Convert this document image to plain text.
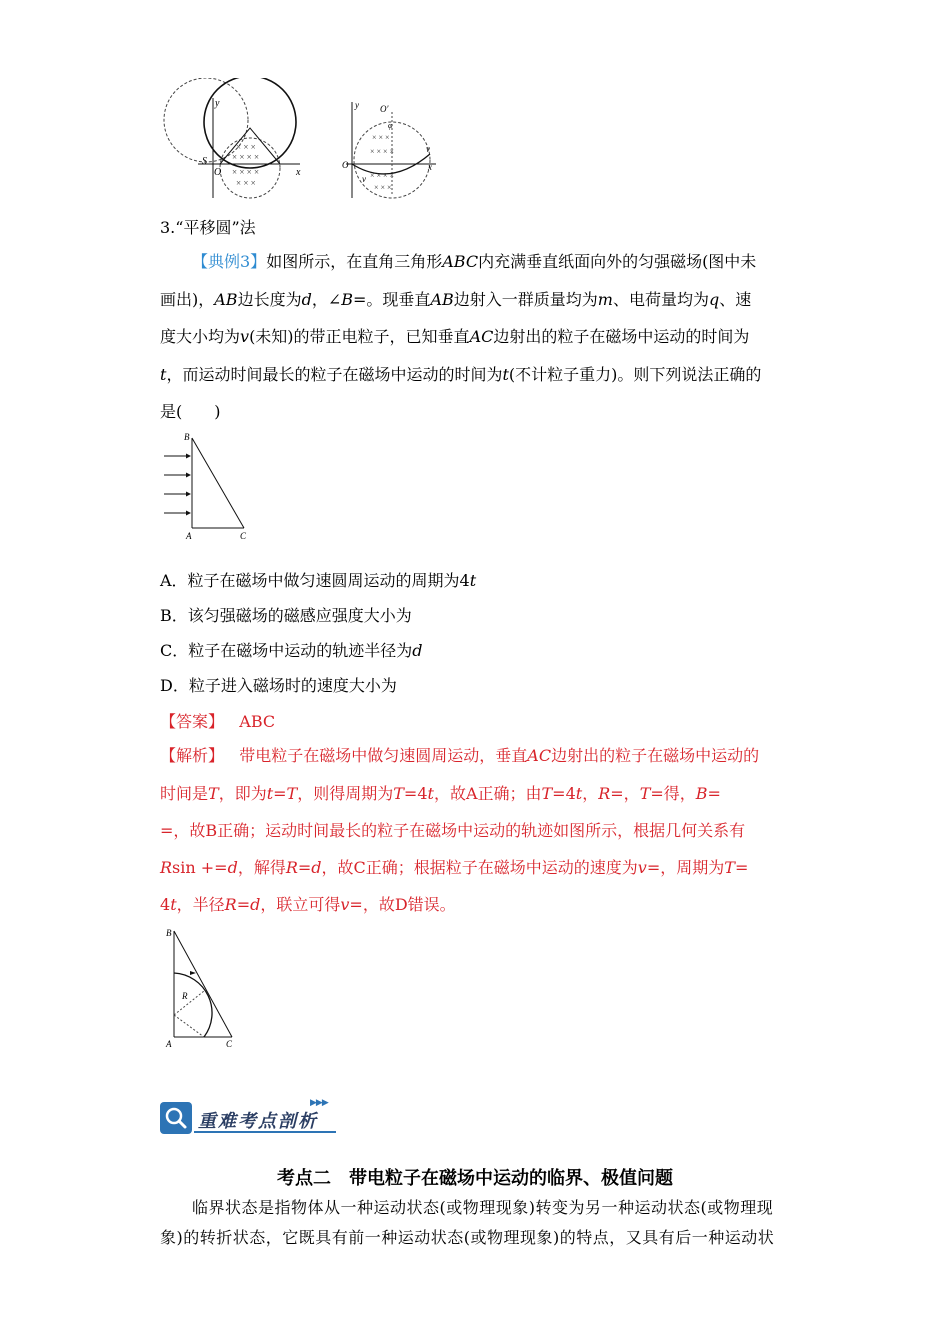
× × ×
× × × ×
× × × ×
× × ×
y
S
O	x
× × ×
× × × ×
× × × ×
× × ×
y O′
φ
O
v
v
x
3.“平移圆”法
【典例3】如图所示，在直角三角形ABC内充满垂直纸面向外的匀强磁场(图中未
画出)，AB边长度为d，∠B=。现垂直AB边射入一群质量均为m、电荷量均为q、速
度大小均为v(未知)的带正电粒子，已知垂直AC边射出的粒子在磁场中运动的时间为
t，而运动时间最长的粒子在磁场中运动的时间为t(不计粒子重力)。则下列说法正确的
是(　　)
B
A	C
A．粒子在磁场中做匀速圆周运动的周期为4t
B．该匀强磁场的磁感应强度大小为
C．粒子在磁场中运动的轨迹半径为d
D．粒子进入磁场时的速度大小为
【答案】 ABC
【解析】 带电粒子在磁场中做匀速圆周运动，垂直AC边射出的粒子在磁场中运动的
时间是T，即为t=T，则得周期为T=4t，故A正确；由T=4t，R=，T=得，B=
=，故B正确；运动时间最长的粒子在磁场中运动的轨迹如图所示，根据几何关系有
Rsin +=d，解得R=d，故C正确；根据粒子在磁场中运动的速度为v=，周期为T=
4t，半径R=d，联立可得v=，故D错误。
B
R
A	C
▶▶▶
重难考点剖析
考点二　带电粒子在磁场中运动的临界、极值问题
临界状态是指物体从一种运动状态(或物理现象)转变为另一种运动状态(或物理现象)的转折状态，它既具有前一种运动状态(或物理现象)的特点，又具有后一种运动状
